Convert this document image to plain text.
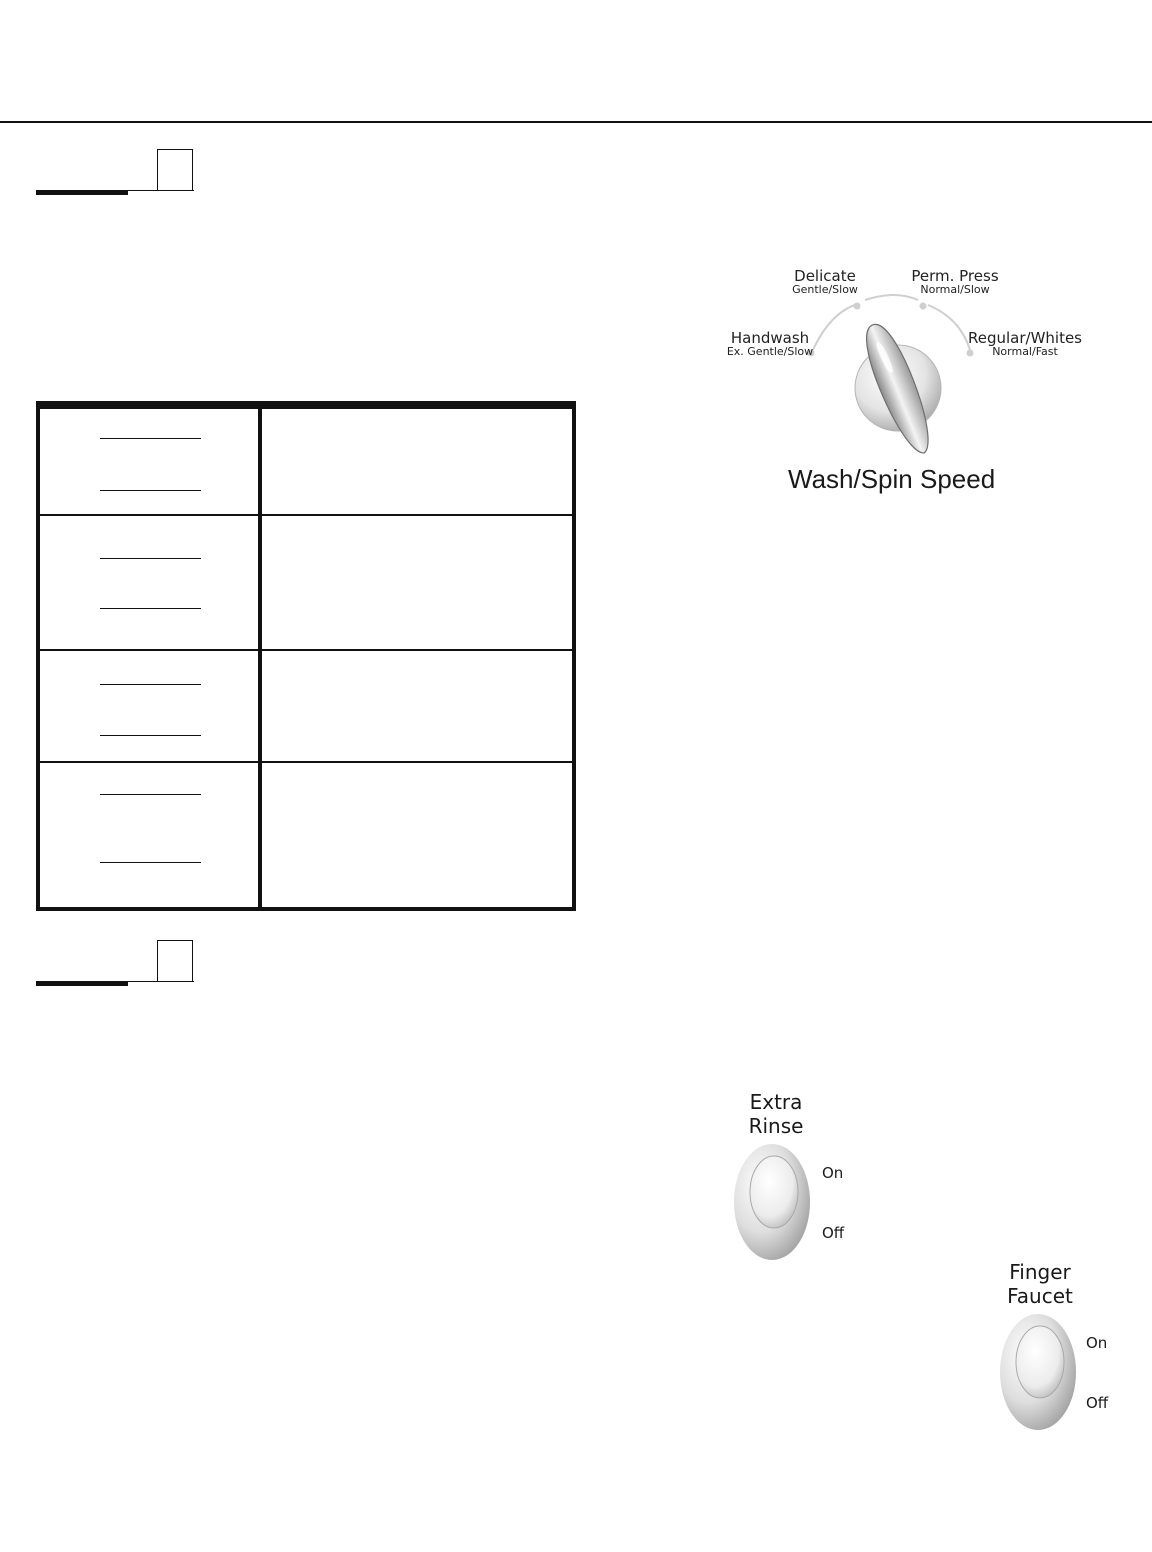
Handwash
Ex. Gentle/Slow
Delicate
Gentle/Slow
Perm. Press
Normal/Slow
Regular/Whites
Normal/Fast
Wash/Spin Speed
Extra
Rinse
On
Off
Finger
Faucet
On
Off
